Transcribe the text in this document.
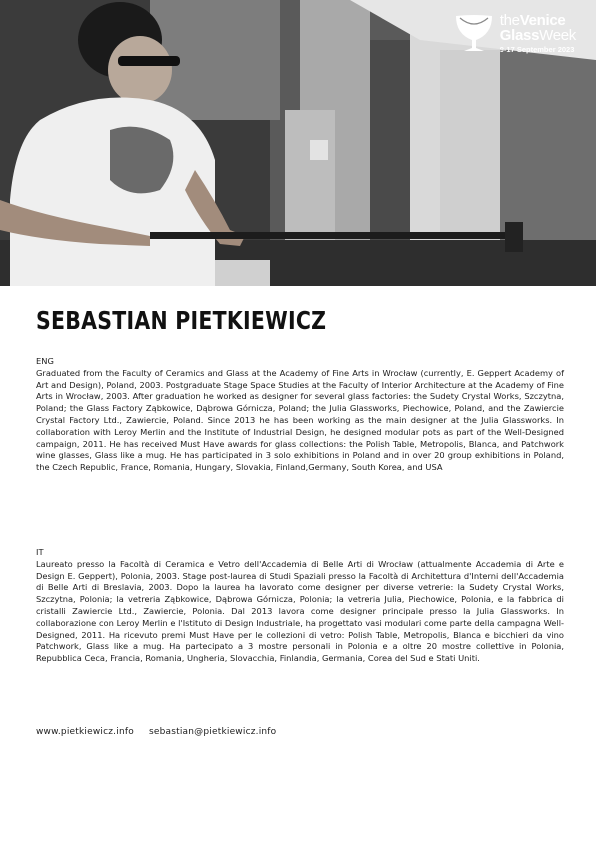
theVenice
GlassWeek
9-17 September 2023
SEBASTIAN PIETKIEWICZ
ENG
Graduated from the Faculty of Ceramics and Glass at the Academy of Fine Arts in Wrocław (currently, E. Geppert Academy of Art and Design), Poland, 2003. Postgraduate Stage Space Studies at the Faculty of Interior Architecture at the Academy of Fine Arts in Wrocław, 2003. After graduation he worked as designer for several glass factories: the Sudety Crystal Works, Szczytna, Poland; the Glass Factory Ząbkowice, Dąbrowa Górnicza, Poland; the Julia Glassworks, Piechowice, Poland, and the Zawiercie Crystal Factory Ltd., Zawiercie, Poland. Since 2013 he has been working as the main designer at the Julia Glassworks. In collaboration with Leroy Merlin and the Institute of Industrial Design, he designed modular pots as part of the Well-Designed campaign, 2011. He has received Must Have awards for glass collections: the Polish Table, Metropolis, Blanca, and Patchwork wine glasses, Glass like a mug. He has participated in 3 solo exhibitions in Poland and in over 20 group exhibitions in Poland, the Czech Republic, France, Romania, Hungary, Slovakia, Finland,Germany, South Korea, and USA
IT
Laureato presso la Facoltà di Ceramica e Vetro dell'Accademia di Belle Arti di Wrocław (attualmente Accademia di Arte e Design E. Geppert), Polonia, 2003. Stage post-laurea di Studi Spaziali presso la Facoltà di Architettura d'Interni dell'Accademia di Belle Arti di Breslavia, 2003. Dopo la laurea ha lavorato come designer per diverse vetrerie: la Sudety Crystal Works, Szczytna, Polonia; la vetreria Ząbkowice, Dąbrowa Górnicza, Polonia; la vetreria Julia, Piechowice, Polonia, e la fabbrica di cristalli Zawiercie Ltd., Zawiercie, Polonia. Dal 2013 lavora come designer principale presso la Julia Glassworks. In collaborazione con Leroy Merlin e l'Istituto di Design Industriale, ha progettato vasi modulari come parte della campagna Well-Designed, 2011. Ha ricevuto premi Must Have per le collezioni di vetro: Polish Table, Metropolis, Blanca e bicchieri da vino Patchwork, Glass like a mug. Ha partecipato a 3 mostre personali in Polonia e a oltre 20 mostre collettive in Polonia, Repubblica Ceca, Francia, Romania, Ungheria, Slovacchia, Finlandia, Germania, Corea del Sud e Stati Uniti.
www.pietkiewicz.info sebastian@pietkiewicz.info
